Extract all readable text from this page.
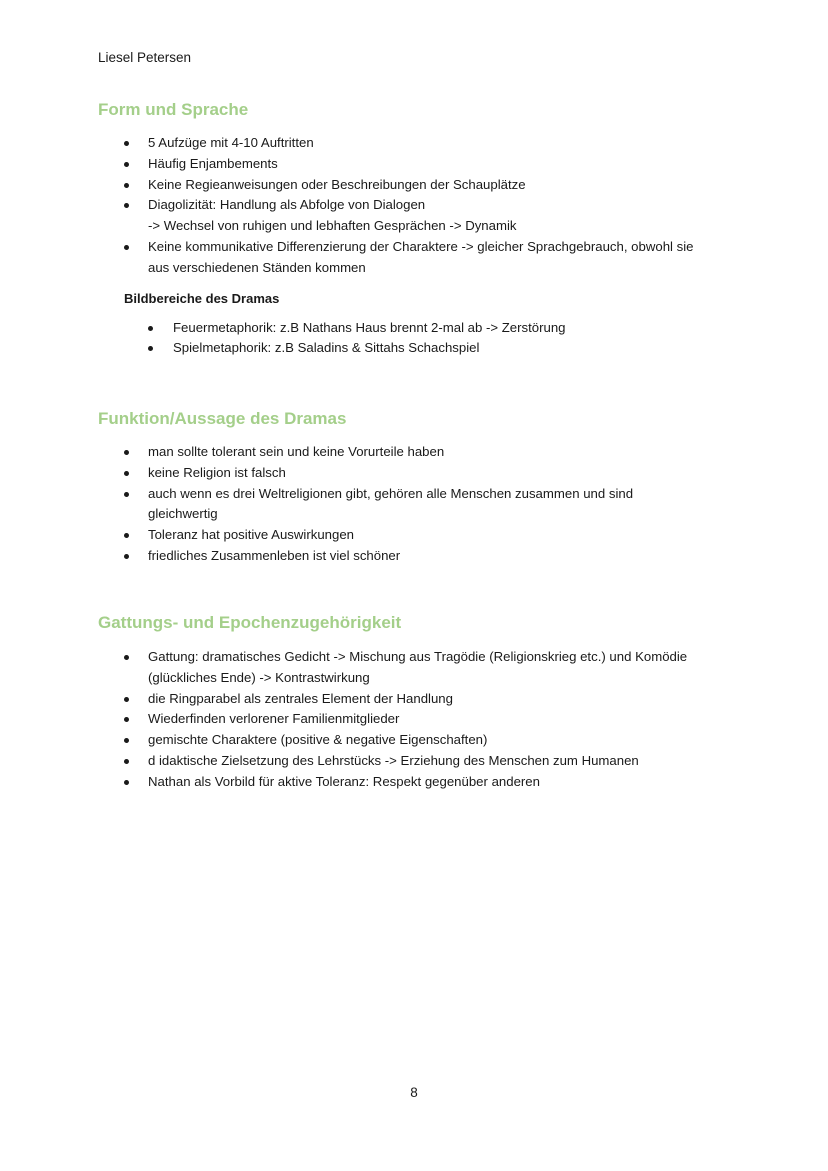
Liesel Petersen
Form und Sprache
5 Aufzüge mit 4-10 Auftritten
Häufig Enjambements
Keine Regieanweisungen oder Beschreibungen der Schauplätze
Diagolizität: Handlung als Abfolge von Dialogen
-> Wechsel von ruhigen und lebhaften Gesprächen -> Dynamik
Keine kommunikative Differenzierung der Charaktere -> gleicher Sprachgebrauch, obwohl sie
aus verschiedenen Ständen kommen
Bildbereiche des Dramas
Feuermetaphorik: z.B Nathans Haus brennt 2-mal ab -> Zerstörung
Spielmetaphorik: z.B Saladins & Sittahs Schachspiel
Funktion/Aussage des Dramas
man sollte tolerant sein und keine Vorurteile haben
keine Religion ist falsch
auch wenn es drei Weltreligionen gibt, gehören alle Menschen zusammen und sind
gleichwertig
Toleranz hat positive Auswirkungen
friedliches Zusammenleben ist viel schöner
Gattungs- und Epochenzugehörigkeit
Gattung: dramatisches Gedicht -> Mischung aus Tragödie (Religionskrieg etc.) und Komödie
(glückliches Ende) -> Kontrastwirkung
die Ringparabel als zentrales Element der Handlung
Wiederfinden verlorener Familienmitglieder
gemischte Charaktere (positive & negative Eigenschaften)
d idaktische Zielsetzung des Lehrstücks -> Erziehung des Menschen zum Humanen
Nathan als Vorbild für aktive Toleranz: Respekt gegenüber anderen
8
